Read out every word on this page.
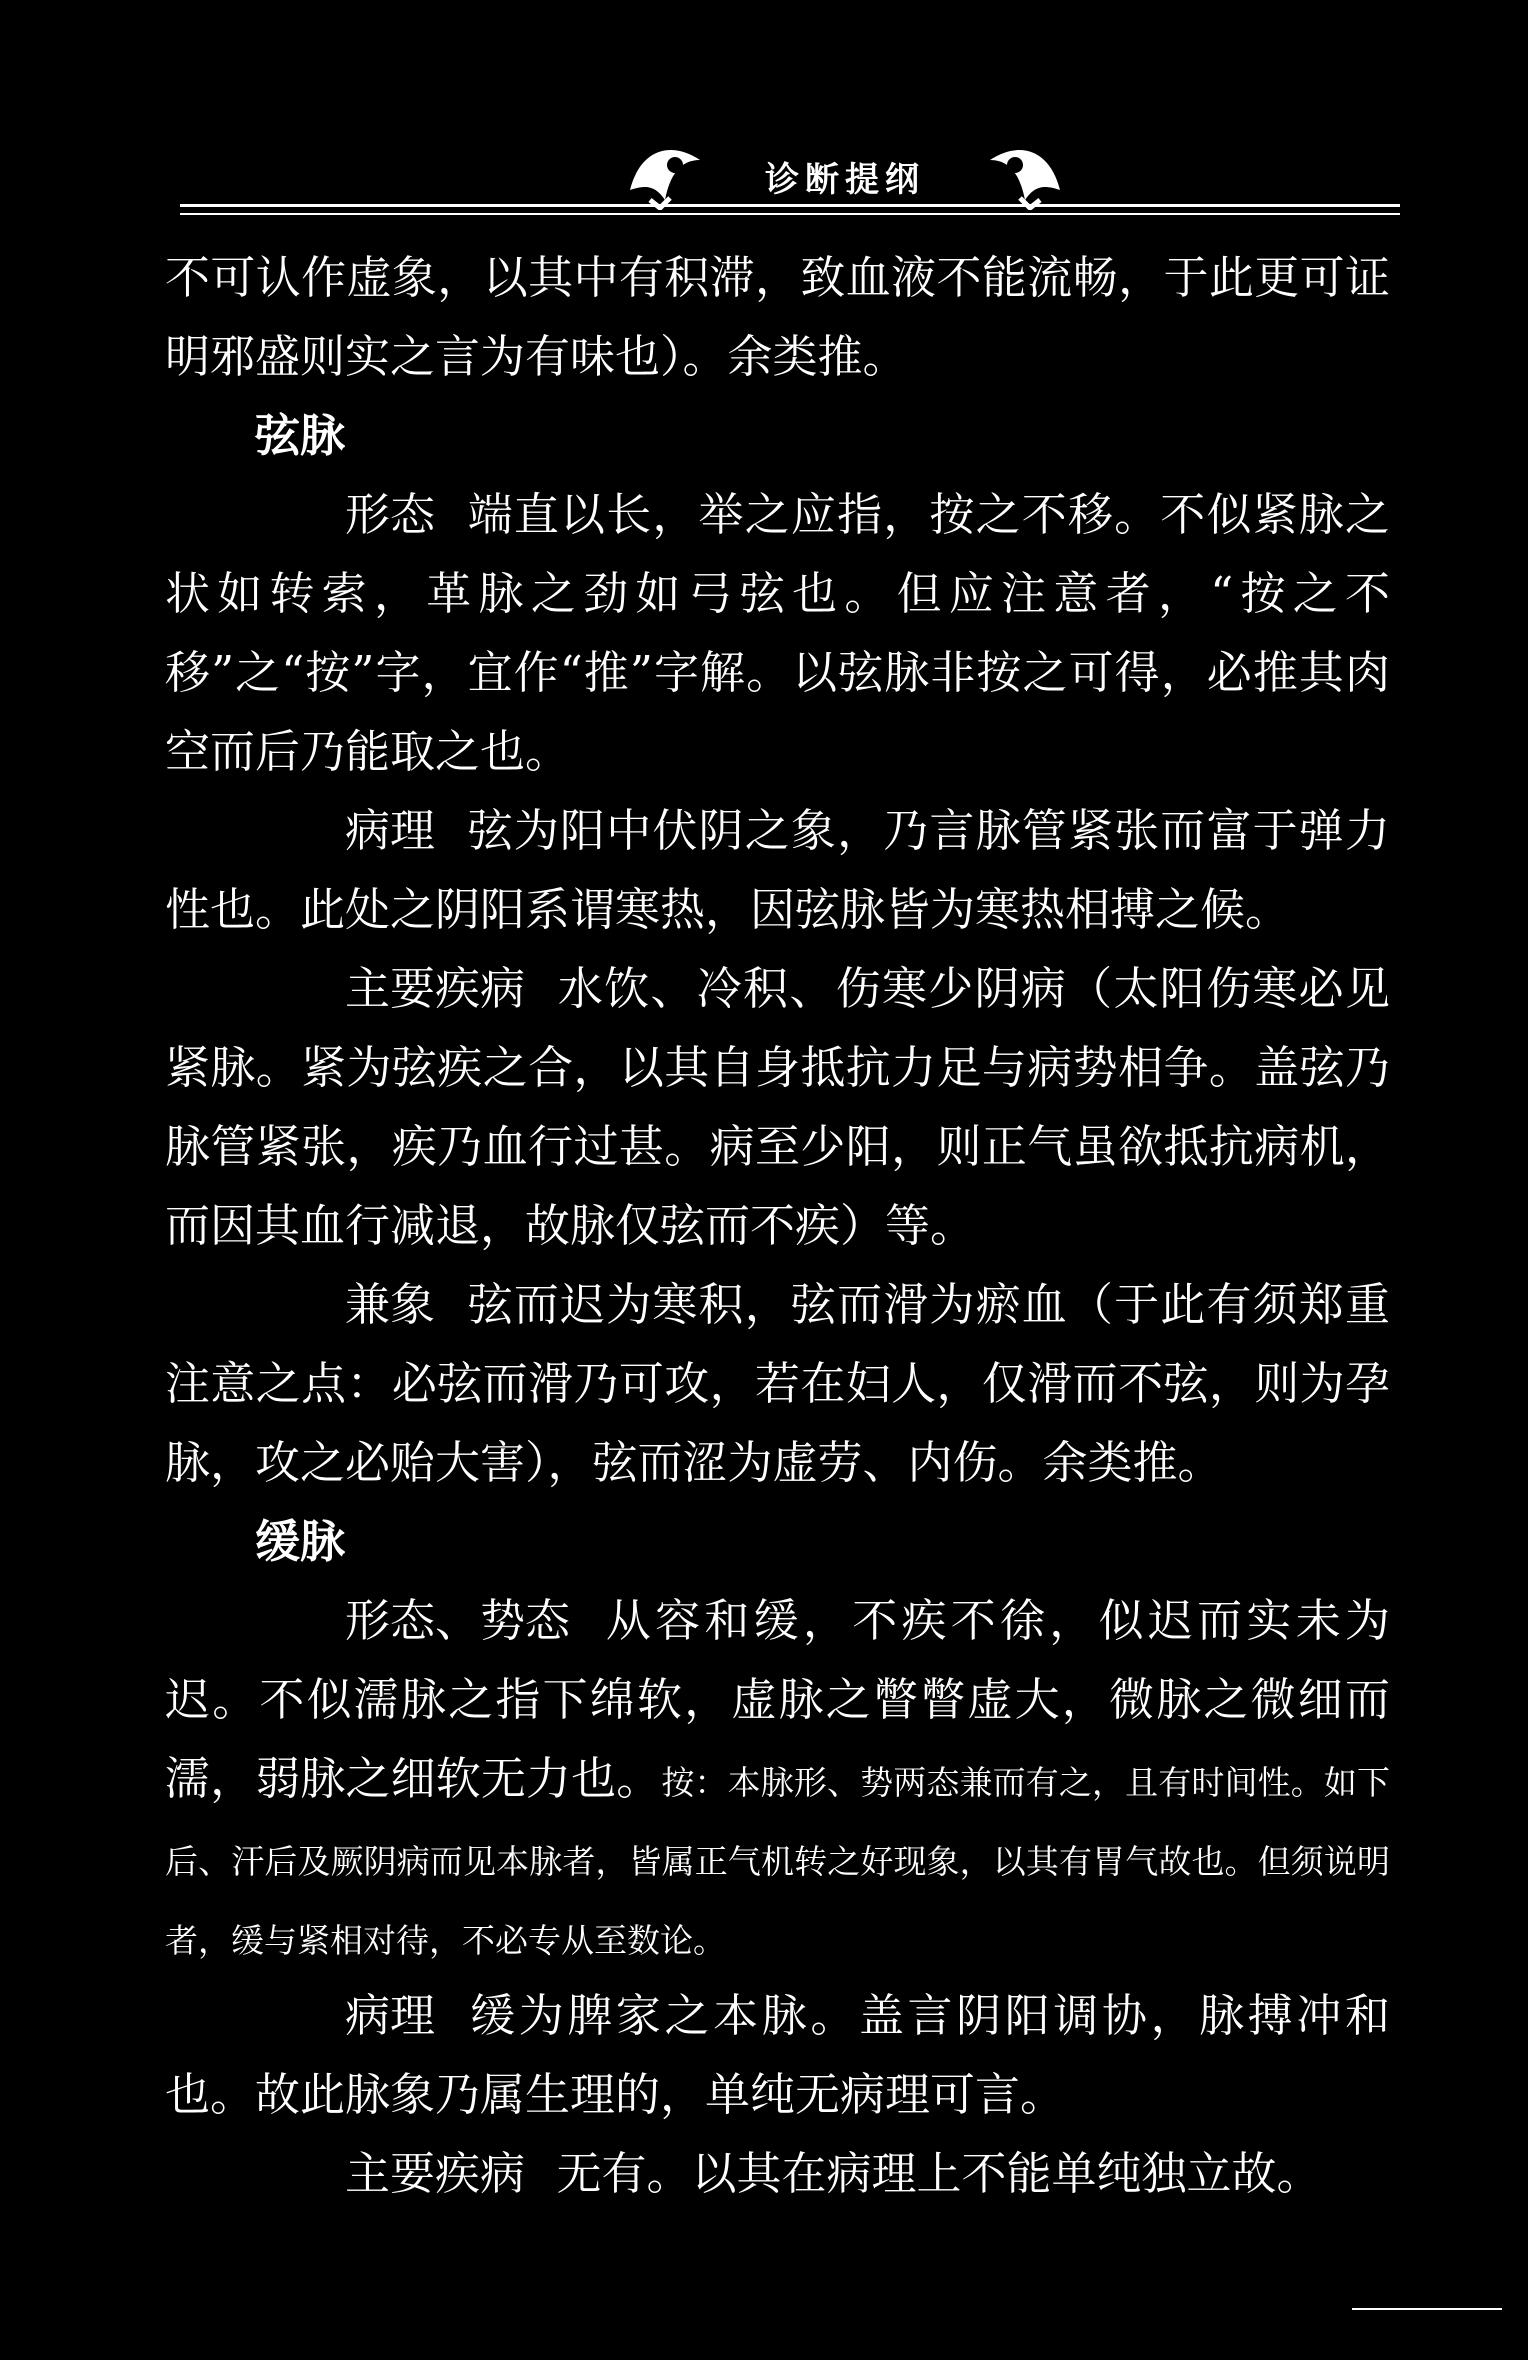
诊断提纲

不可认作虚象，以其中有积滞，致血液不能流畅，于此更可证明邪盛则实之言为有味也）。余类推。

弦脉

形态 端直以长，举之应指，按之不移。不似紧脉之状如转索，革脉之劲如弓弦也。但应注意者，“按之不移”之“按”字，宜作“推”字解。以弦脉非按之可得，必推其肉空而后乃能取之也。

病理 弦为阳中伏阴之象，乃言脉管紧张而富于弹力性也。此处之阴阳系谓寒热，因弦脉皆为寒热相搏之候。

主要疾病 水饮、冷积、伤寒少阴病（太阳伤寒必见紧脉。紧为弦疾之合，以其自身抵抗力足与病势相争。盖弦乃脉管紧张，疾乃血行过甚。病至少阳，则正气虽欲抵抗病机，而因其血行减退，故脉仅弦而不疾）等。

兼象 弦而迟为寒积，弦而滑为瘀血（于此有须郑重注意之点：必弦而滑乃可攻，若在妇人，仅滑而不弦，则为孕脉，攻之必贻大害），弦而涩为虚劳、内伤。余类推。

缓脉

形态、势态 从容和缓，不疾不徐，似迟而实未为迟。不似濡脉之指下绵软，虚脉之瞥瞥虚大，微脉之微细而濡，弱脉之细软无力也。按：本脉形、势两态兼而有之，且有时间性。如下后、汗后及厥阴病而见本脉者，皆属正气机转之好现象，以其有胃气故也。但须说明者，缓与紧相对待，不必专从至数论。

病理 缓为脾家之本脉。盖言阴阳调协，脉搏冲和也。故此脉象乃属生理的，单纯无病理可言。

主要疾病 无有。以其在病理上不能单纯独立故。
